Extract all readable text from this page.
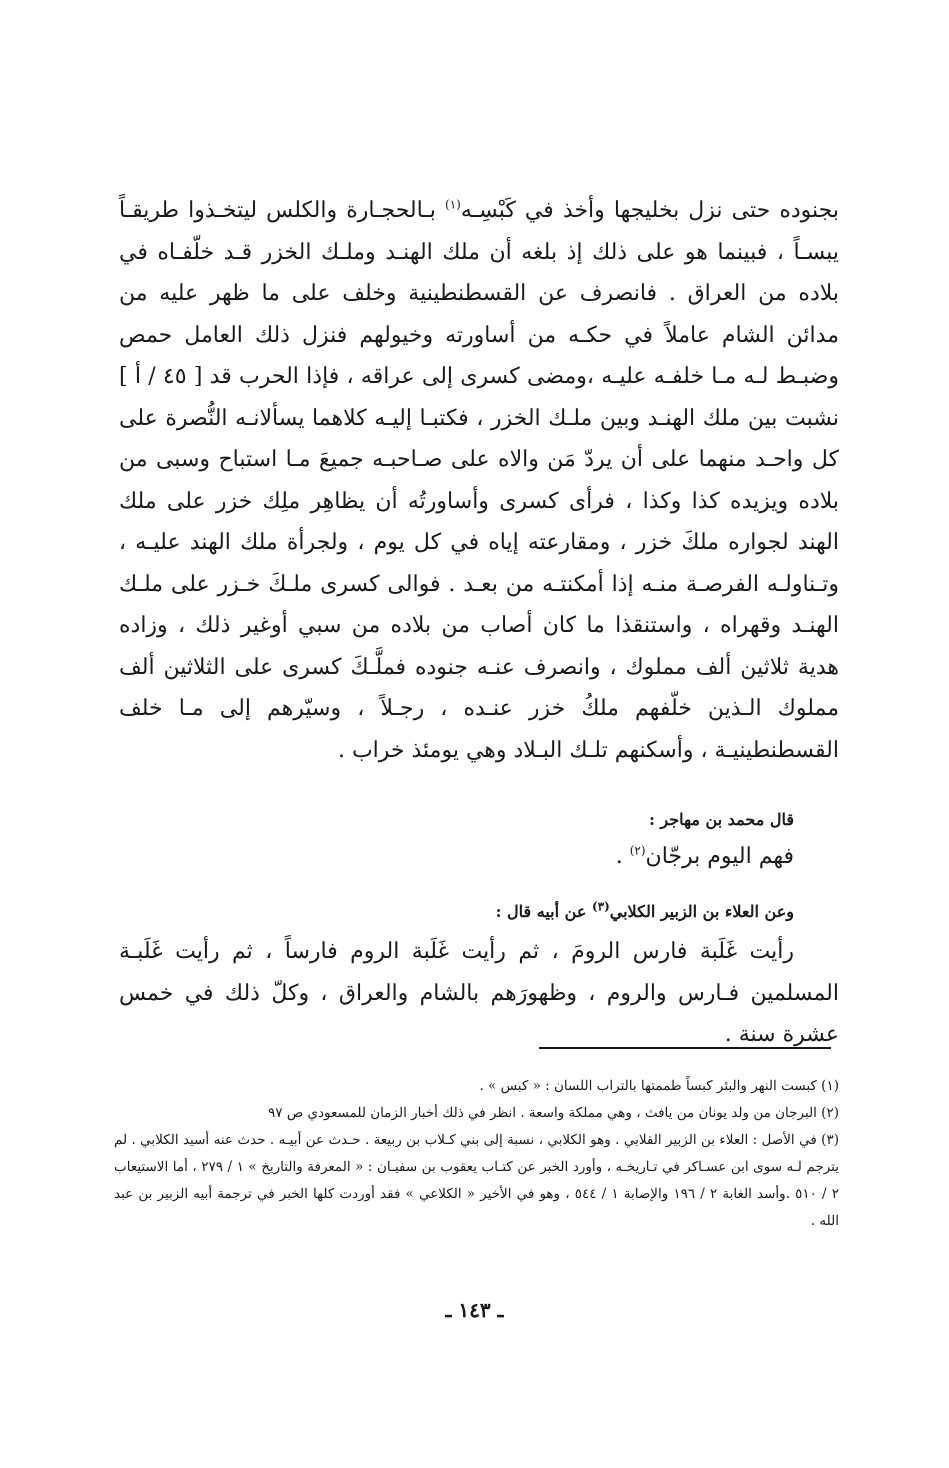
بجنوده حتى نزل بخليجها وأخذ في كَبْسِـه$^{(١)}$ بـالحجـارة والكلس ليتخـذوا طريقـاً يبسـاً ، فبينما هو على ذلك إذ بلغه أن ملك الهنـد وملـك الخزر قـد خلّفـاه في بلاده من العراق . فانصرف عن القسطنطينية وخلف على ما ظهر عليه من مدائن الشام عاملاً في حكـه من أساورته وخيولهم فنزل ذلك العامل حمص وضبـط لـه مـا خلفـه عليـه ،ومضى كسرى إلى عراقه ، فإذا الحرب قد [ ٤٥ / أ ] نشبت بين ملك الهنـد وبين ملـك الخزر ، فكتبـا إليـه كلاهما يسألانـه النُّصرة على كل واحـد منهما على أن يردّ مَن والاه على صـاحبـه جميعَ مـا استباح وسبى من بلاده ويزيده كذا وكذا ، فرأى كسرى وأساورتُه أن يظاهِر ملِك خزر على ملك الهند لجواره ملكَ خزر ، ومقارعته إياه في كل يوم ، ولجرأة ملك الهند عليـه ، وتـناولـه الفرصـة منـه إذا أمكنتـه من بعـد . فوالى كسرى ملـكَ خـزر على ملـك الهنـد وقهراه ، واستنقذا ما كان أصاب من بلاده من سبي أوغير ذلك ، وزاده هدية ثلاثين ألف مملوك ، وانصرف عنـه جنوده فملَّـكَ كسرى على الثلاثين ألف مملوك الـذين خلّفهم ملكُ خزر عنـده ، رجـلاً ، وسيّرهم إلى مـا خلف القسطنطينيـة ، وأسكنهم تلـك البـلاد وهي يومئذ خراب .

قال محمد بن مهاجر :

فهم اليوم برجّان$^{(٢)}$ .

وعن العلاء بن الزبير الكلابي$^{(٣)}$ عن أبيه قال :

رأيت غَلَبة فارس الرومَ ، ثم رأيت غَلَبة الروم فارساً ، ثم رأيت غَلَبـة المسلمين فـارس والروم ، وظهورَهم بالشام والعراق ، وكلّ ذلك في خمس عشرة سنة .

(١) كبست النهر والبئر كبساً طممتها بالتراب اللسان : « كبس » .

(٢) البرجان من ولد يونان من يافث ، وهي مملكة واسعة . انظر في ذلك أخبار الزمان للمسعودي ص ٩٧

(٣) في الأصل : العلاء بن الزبير القلابي . وهو الكلابي ، نسبة إلى بني كـلاب بن ربيعة . حـدث عن أبيـه . حدث عنه أسيد الكلابي . لم يترجم لـه سوى ابن عسـاكر في تـاريخـه ، وأورد الخبر عن كتـاب يعقوب بن سفيـان : « المعرفة والتاريخ » ١ / ٢٧٩ ، أما الاستيعاب ٢ / ٥١٠ .وأسد الغابة ٢ / ١٩٦ والإصابة ١ / ٥٤٤ ، وهو في الأخير « الكلاعي » فقد أوردت كلها الخبر في ترجمة أبيه الزبير بن عبد الله .

ـ ١٤٣ ـ
